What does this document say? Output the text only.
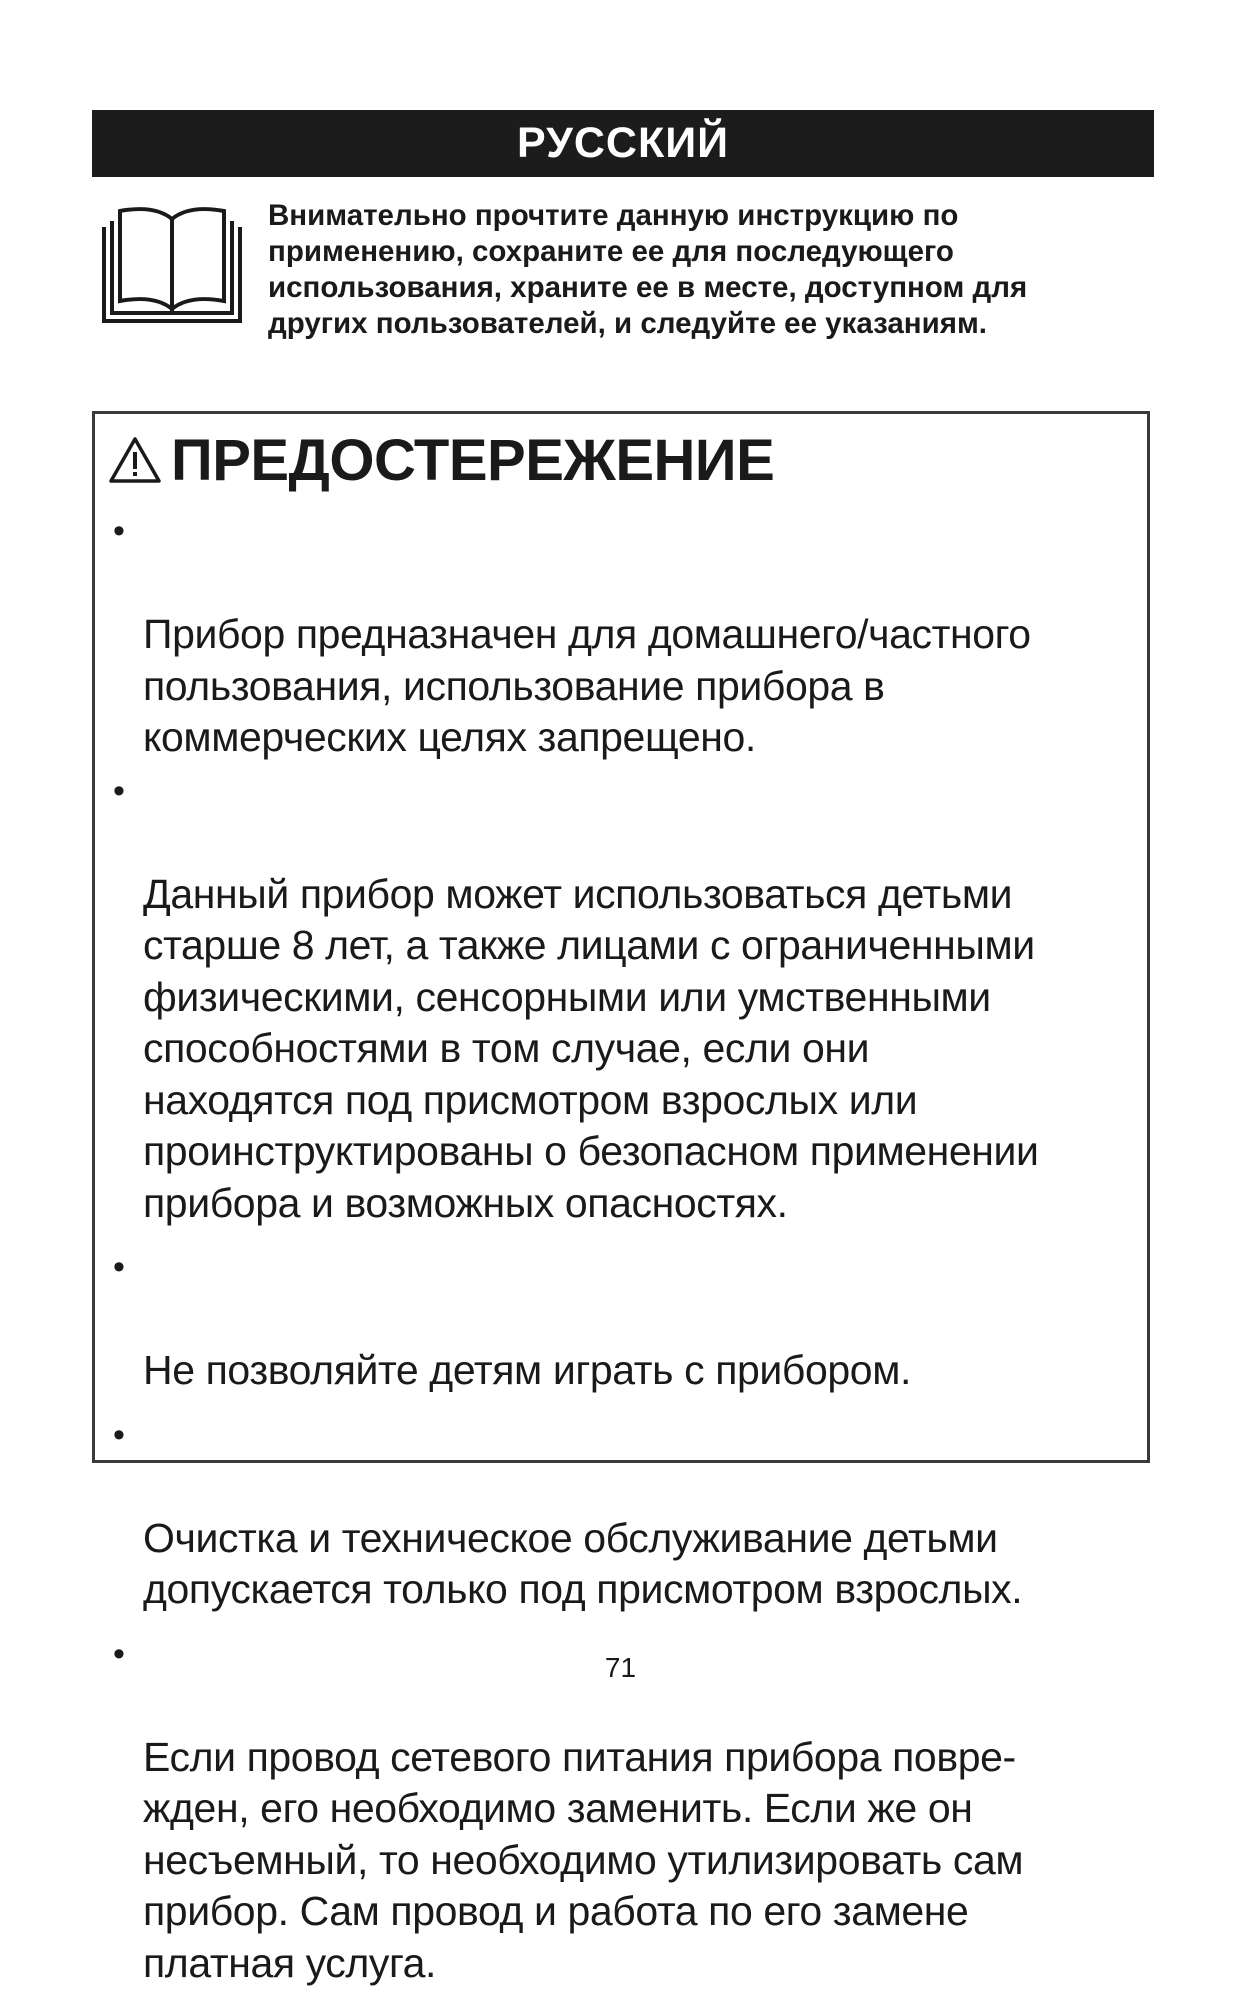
РУССКИЙ
Внимательно прочтите данную инструкцию по
применению, сохраните ее для последующего
использования, храните ее в месте, доступном для
других пользователей, и следуйте ее указаниям.
ПРЕДОСТЕРЕЖЕНИЕ

•

Прибор предназначен для домашнего/частного
пользования, использование прибора в
коммерческих целях запрещено.

•

Данный прибор может использоваться детьми
старше 8 лет, а также лицами с ограниченными
физическими, сенсорными или умственными
способностями в том случае, если они
находятся под присмотром взрослых или
проинструктированы о безопасном применении
прибора и возможных опасностях.

•

Не позволяйте детям играть с прибором.

•

Очистка и техническое обслуживание детьми
допускается только под присмотром взрослых.

•

Если провод сетевого питания прибора повре-
жден, его необходимо заменить. Если же он
несъемный, то необходимо утилизировать сам
прибор. Сам провод и работа по его замене
платная услуга.

71
